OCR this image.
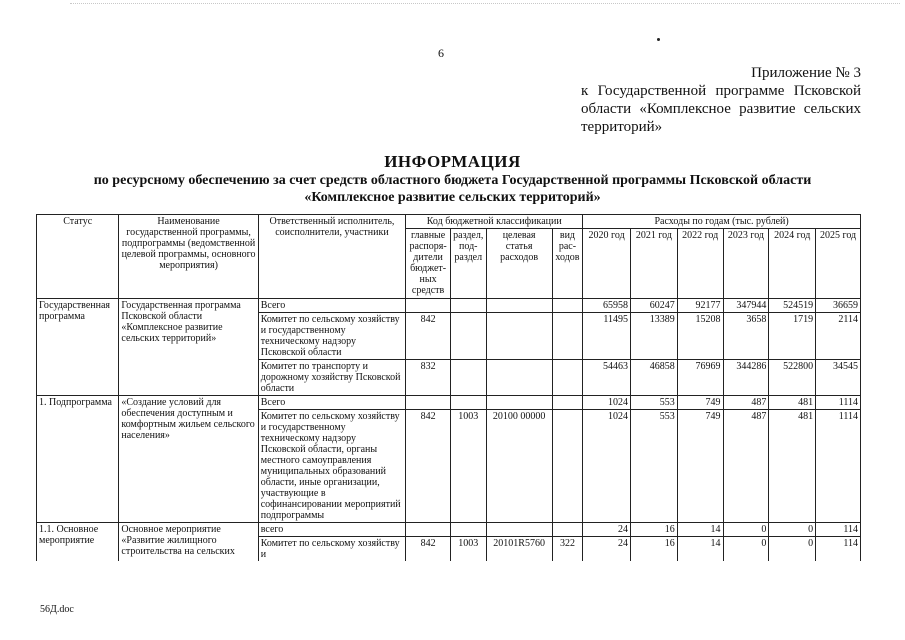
6
Приложение № 3
к Государственной программе Псковской области «Комплексное развитие сельских территорий»
ИНФОРМАЦИЯ
по ресурсному обеспечению за счет средств областного бюджета Государственной программы Псковской области
«Комплексное развитие сельских территорий»
Статус	Наименование государственной программы, подпрограммы (ведомственной целевой программы, основного мероприятия)	Ответственный исполнитель, соисполнители, участники	Код бюджетной классификации				Расходы по годам (тыс. рублей)					
			главные распоря-дители бюджет-ных средств	раздел, под-раздел	целевая статья расходов	вид рас-ходов	2020 год	2021 год	2022 год	2023 год	2024 год	2025 год
Государственная программа	Государственная программа Псковской области «Комплексное развитие сельских территорий»	Всего					65958	60247	92177	347944	524519	36659
		Комитет по сельскому хозяйству и государственному техническому надзору Псковской области	842				11495	13389	15208	3658	1719	2114
		Комитет по транспорту и дорожному хозяйству Псковской области	832				54463	46858	76969	344286	522800	34545
1. Подпрограмма	«Создание условий для обеспечения доступным и комфортным жильем сельского населения»	Всего					1024	553	749	487	481	1114
		Комитет по сельскому хозяйству и государственному техническому надзору Псковской области, органы местного самоуправления муниципальных образований области, иные организации, участвующие в софинансировании мероприятий подпрограммы	842	1003	20100 00000		1024	553	749	487	481	1114
1.1. Основное мероприятие	Основное мероприятие «Развитие жилищного строительства на сельских	всего					24	16	14	0	0	114
		Комитет по сельскому хозяйству и	842	1003	20101R5760	322	24	16	14	0	0	114
56Д.doc
